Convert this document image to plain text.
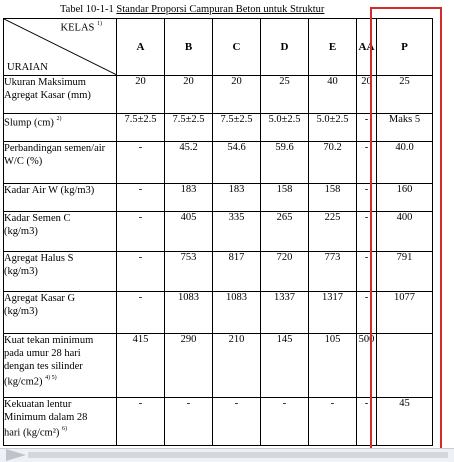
Tabel 10-1-1 Standar Proporsi Campuran Beton untuk Struktur
KELAS $^{1)}$
URAIAN	A	B	C	D	E	AA	P
Ukuran Maksimum
Agregat Kasar (mm)	20	20	20	25	40	20	25
Slump (cm) $^{2)}$	7.5±2.5	7.5±2.5	7.5±2.5	5.0±2.5	5.0±2.5	-	Maks 5
Perbandingan semen/air
W/C (%)	-	45.2	54.6	59.6	70.2	-	40.0
Kadar Air W (kg/m3)	-	183	183	158	158	-	160
Kadar Semen C
(kg/m3)	-	405	335	265	225	-	400
Agregat Halus S
(kg/m3)	-	753	817	720	773	-	791
Agregat Kasar G
(kg/m3)	-	1083	1083	1337	1317	-	1077
Kuat tekan minimum
pada umur 28 hari
dengan tes silinder
(kg/cm2) $^{4) 5)}$	415	290	210	145	105	500	
Kekuatan lentur
Minimum dalam 28
hari (kg/cm²) $^{6)}$	-	-	-	-	-	-	45
